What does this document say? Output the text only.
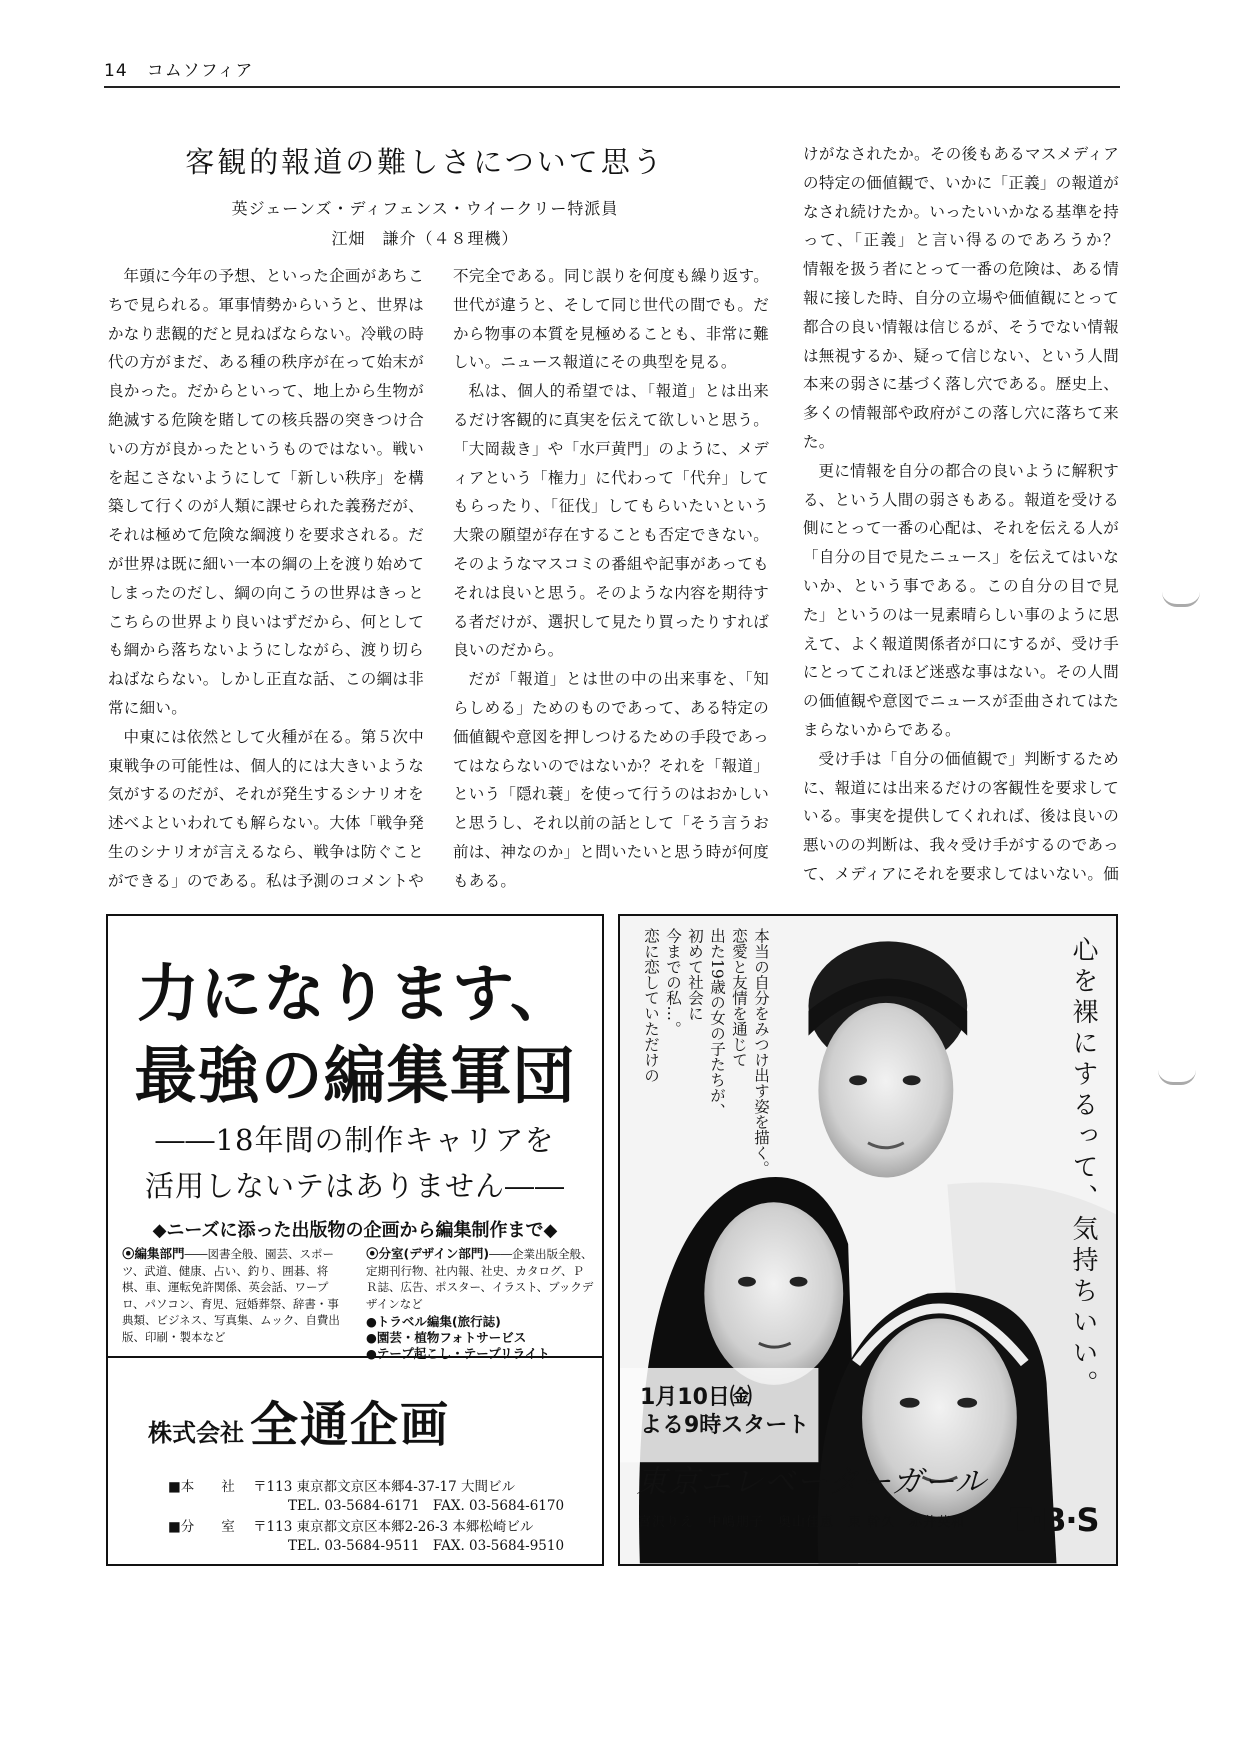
14 コムソフィア
客観的報道の難しさについて思う
英ジェーンズ・ディフェンス・ウイークリー特派員
江畑　謙介（４８理機）

年頭に今年の予想、といった企画があちこちで見られる。軍事情勢からいうと、世界はかなり悲観的だと見ねばならない。冷戦の時代の方がまだ、ある種の秩序が在って始末が良かった。だからといって、地上から生物が絶滅する危険を賭しての核兵器の突きつけ合いの方が良かったというものではない。戦いを起こさないようにして「新しい秩序」を構築して行くのが人類に課せられた義務だが、それは極めて危険な綱渡りを要求される。だが世界は既に細い一本の綱の上を渡り始めてしまったのだし、綱の向こうの世界はきっとこちらの世界より良いはずだから、何としても綱から落ちないようにしながら、渡り切らねばならない。しかし正直な話、この綱は非常に細い。

中東には依然として火種が在る。第５次中東戦争の可能性は、個人的には大きいような気がするのだが、それが発生するシナリオを述べよといわれても解らない。大体「戦争発生のシナリオが言えるなら、戦争は防ぐことができる」のである。私は予測のコメントや

不完全である。同じ誤りを何度も繰り返す。世代が違うと、そして同じ世代の間でも。だから物事の本質を見極めることも、非常に難しい。ニュース報道にその典型を見る。

私は、個人的希望では、「報道」とは出来るだけ客観的に真実を伝えて欲しいと思う。「大岡裁き」や「水戸黄門」のように、メディアという「権力」に代わって「代弁」してもらったり、「征伐」してもらいたいという大衆の願望が存在することも否定できない。そのようなマスコミの番組や記事があってもそれは良いと思う。そのような内容を期待する者だけが、選択して見たり買ったりすれば良いのだから。

だが「報道」とは世の中の出来事を、「知らしめる」ためのものであって、ある特定の価値観や意図を押しつけるための手段であってはならないのではないか？それを「報道」という「隠れ蓑」を使って行うのはおかしいと思うし、それ以前の話として「そう言うお前は、神なのか」と問いたいと思う時が何度もある。

けがなされたか。その後もあるマスメディアの特定の価値観で、いかに「正義」の報道がなされ続けたか。いったいいかなる基準を持って、「正義」と言い得るのであろうか？　情報を扱う者にとって一番の危険は、ある情報に接した時、自分の立場や価値観にとって都合の良い情報は信じるが、そうでない情報は無視するか、疑って信じない、という人間本来の弱さに基づく落し穴である。歴史上、多くの情報部や政府がこの落し穴に落ちて来た。

更に情報を自分の都合の良いように解釈する、という人間の弱さもある。報道を受ける側にとって一番の心配は、それを伝える人が「自分の目で見たニュース」を伝えてはいないか、という事である。この自分の目で見た」というのは一見素晴らしい事のように思えて、よく報道関係者が口にするが、受け手にとってこれほど迷惑な事はない。その人間の価値観や意図でニュースが歪曲されてはたまらないからである。

受け手は「自分の価値観で」判断するために、報道には出来るだけの客観性を要求している。事実を提供してくれれば、後は良いの悪いのの判断は、我々受け手がするのであって、メディアにそれを要求してはいない。価

力になります、
最強の編集軍団
――18年間の制作キャリアを
活用しないテはありません――
◆ニーズに添った出版物の企画から編集制作まで◆
⦿編集部門――図書全般、園芸、スポーツ、武道、健康、占い、釣り、囲碁、将棋、車、運転免許関係、英会話、ワープロ、パソコン、育児、冠婚葬祭、辞書・事典類、ビジネス、写真集、ムック、自費出版、印刷・製本など
⦿分室(デザイン部門)――企業出版全般、定期刊行物、社内報、社史、カタログ、ＰＲ誌、広告、ポスター、イラスト、ブックデザインなど
●トラベル編集(旅行誌)
●園芸・植物フォトサービス
●テープ起こし・テープリライト
株式会社 全通企画
■本　　社 〒113 東京都文京区本郷4-37-17 大間ビル
TEL. 03-5684-6171　FAX. 03-5684-6170
■分　　室 〒113 東京都文京区本郷2-26-3 本郷松崎ビル
TEL. 03-5684-9511　FAX. 03-5684-9510
心を裸にするって、気持ちいい。
本当の自分をみつけ出す姿を描く。
恋愛と友情を通じて
出た19歳の女の子たちが、
初めて社会に
今までの私…。
恋に恋していただけの
1月10日㈮
よる9時スタート
東京エレベーターガール
宮沢りえ　中嶋朋子　奥山佳恵　東 幹久　赤井英和 T·B·S
